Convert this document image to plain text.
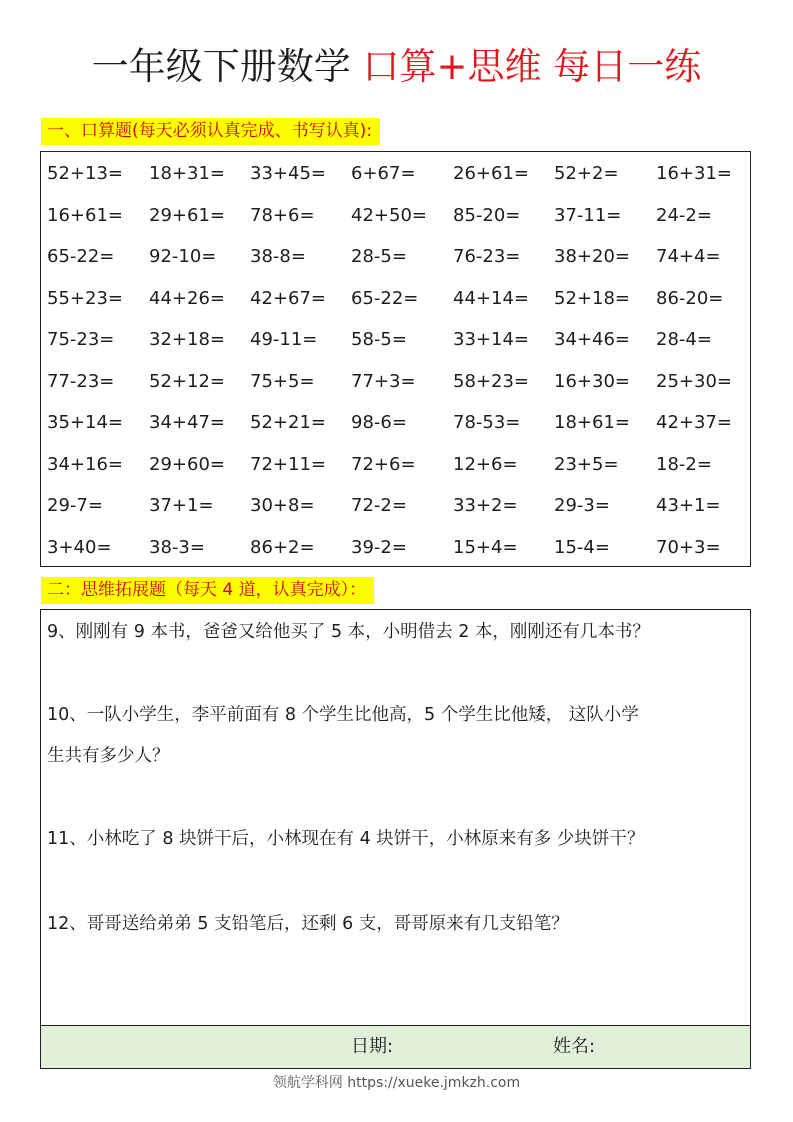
一年级下册数学 口算+思维 每日一练
一、口算题(每天必须认真完成、书写认真):
52+13= 18+31= 33+45= 6+67= 26+61= 52+2= 16+31=
16+61= 29+61= 78+6= 42+50= 85-20= 37-11= 24-2=
65-22= 92-10= 38-8=	28-5=	76-23= 38+20= 74+4=
55+23= 44+26= 42+67= 65-22= 44+14= 52+18= 86-20=
75-23= 32+18= 49-11= 58-5=	33+14= 34+46= 28-4=
77-23= 52+12= 75+5= 77+3= 58+23= 16+30= 25+30=
35+14= 34+47= 52+21= 98-6=	78-53= 18+61= 42+37=
34+16= 29+60= 72+11= 72+6= 12+6= 23+5= 18-2=
29-7=	37+1= 30+8= 72-2=	33+2= 29-3=	43+1=
3+40= 38-3=	86+2= 39-2=	15+4= 15-4=	70+3=
二：思维拓展题（每天 4 道，认真完成）：
9、刚刚有 9 本书，爸爸又给他买了 5 本，小明借去 2 本，刚刚还有几本书？
10、一队小学生，李平前面有 8 个学生比他高，5 个学生比他矮， 这队小学
生共有多少人？
11、小林吃了 8 块饼干后，小林现在有 4 块饼干，小林原来有多 少块饼干？
12、哥哥送给弟弟 5 支铅笔后，还剩 6 支，哥哥原来有几支铅笔？
日期:	姓名:
领航学科网 https://xueke.jmkzh.com
